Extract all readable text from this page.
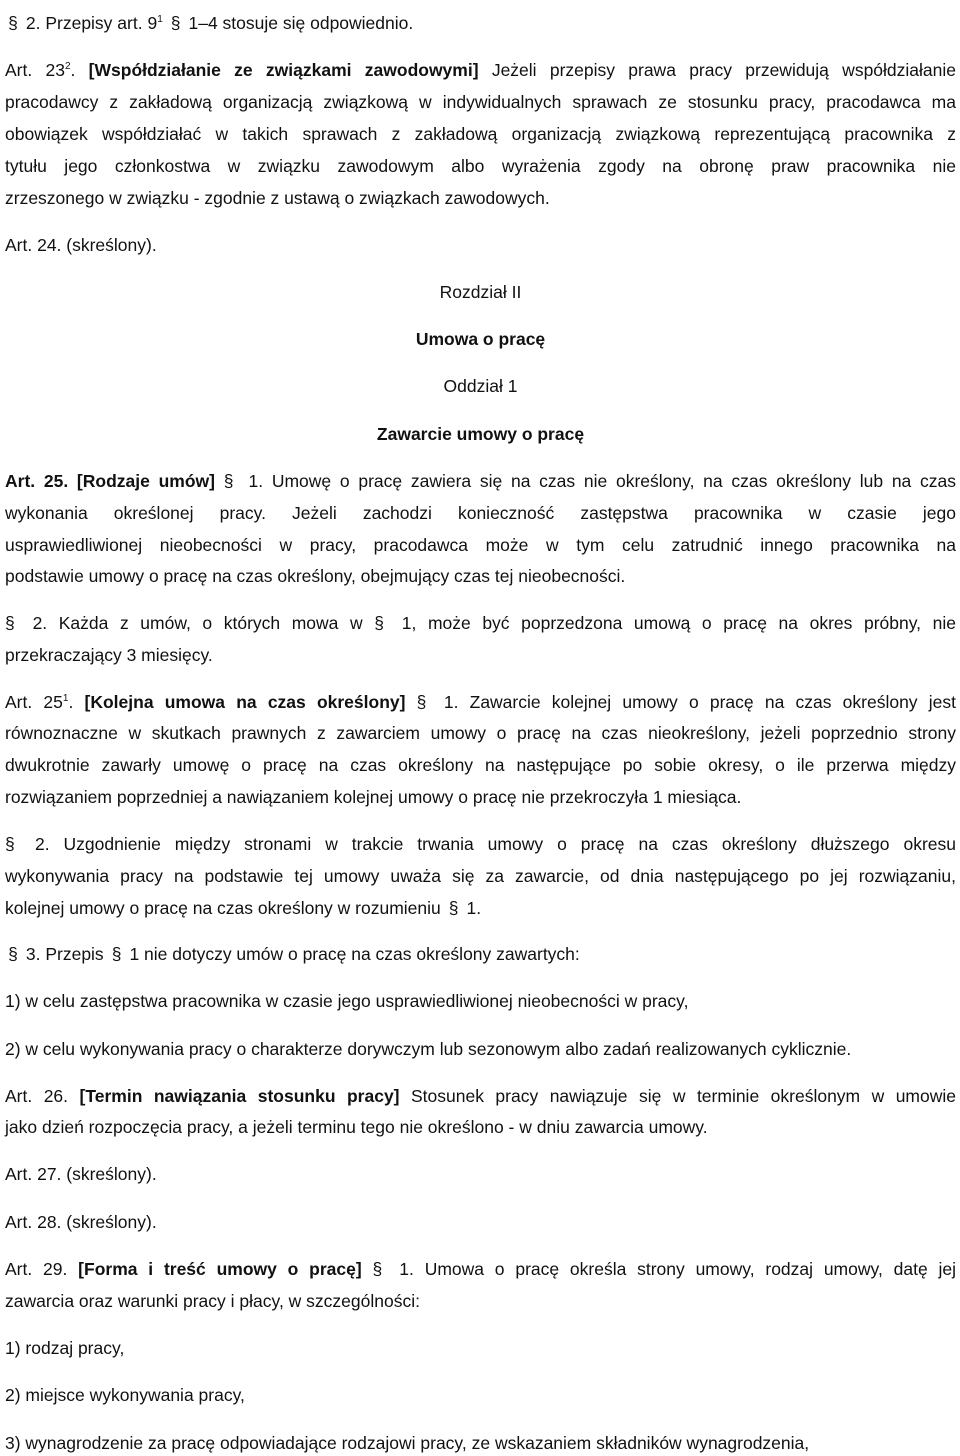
§ 2. Przepisy art. $9^1$ § 1–4 stosuje się odpowiednio.
Art. $23^2$. [Współdziałanie ze związkami zawodowymi] Jeżeli przepisy prawa pracy przewidują współdziałanie
pracodawcy z zakładową organizacją związkową w indywidualnych sprawach ze stosunku pracy, pracodawca ma
obowiązek współdziałać w takich sprawach z zakładową organizacją związkową reprezentującą pracownika z
tytułu jego członkostwa w związku zawodowym albo wyrażenia zgody na obronę praw pracownika nie
zrzeszonego w związku - zgodnie z ustawą o związkach zawodowych.
Art. 24. (skreślony).
Rozdział II
Umowa o pracę
Oddział 1
Zawarcie umowy o pracę
Art. 25. [Rodzaje umów] § 1. Umowę o pracę zawiera się na czas nie określony, na czas określony lub na czas
wykonania określonej pracy. Jeżeli zachodzi konieczność zastępstwa pracownika w czasie jego
usprawiedliwionej nieobecności w pracy, pracodawca może w tym celu zatrudnić innego pracownika na
podstawie umowy o pracę na czas określony, obejmujący czas tej nieobecności.
§ 2. Każda z umów, o których mowa w § 1, może być poprzedzona umową o pracę na okres próbny, nie
przekraczający 3 miesięcy.
Art. $25^1$. [Kolejna umowa na czas określony] § 1. Zawarcie kolejnej umowy o pracę na czas określony jest
równoznaczne w skutkach prawnych z zawarciem umowy o pracę na czas nieokreślony, jeżeli poprzednio strony
dwukrotnie zawarły umowę o pracę na czas określony na następujące po sobie okresy, o ile przerwa między
rozwiązaniem poprzedniej a nawiązaniem kolejnej umowy o pracę nie przekroczyła 1 miesiąca.
§ 2. Uzgodnienie między stronami w trakcie trwania umowy o pracę na czas określony dłuższego okresu
wykonywania pracy na podstawie tej umowy uważa się za zawarcie, od dnia następującego po jej rozwiązaniu,
kolejnej umowy o pracę na czas określony w rozumieniu § 1.
§ 3. Przepis § 1 nie dotyczy umów o pracę na czas określony zawartych:
1) w celu zastępstwa pracownika w czasie jego usprawiedliwionej nieobecności w pracy,
2) w celu wykonywania pracy o charakterze dorywczym lub sezonowym albo zadań realizowanych cyklicznie.
Art. 26. [Termin nawiązania stosunku pracy] Stosunek pracy nawiązuje się w terminie określonym w umowie
jako dzień rozpoczęcia pracy, a jeżeli terminu tego nie określono - w dniu zawarcia umowy.
Art. 27. (skreślony).
Art. 28. (skreślony).
Art. 29. [Forma i treść umowy o pracę] § 1. Umowa o pracę określa strony umowy, rodzaj umowy, datę jej
zawarcia oraz warunki pracy i płacy, w szczególności:
1) rodzaj pracy,
2) miejsce wykonywania pracy,
3) wynagrodzenie za pracę odpowiadające rodzajowi pracy, ze wskazaniem składników wynagrodzenia,
